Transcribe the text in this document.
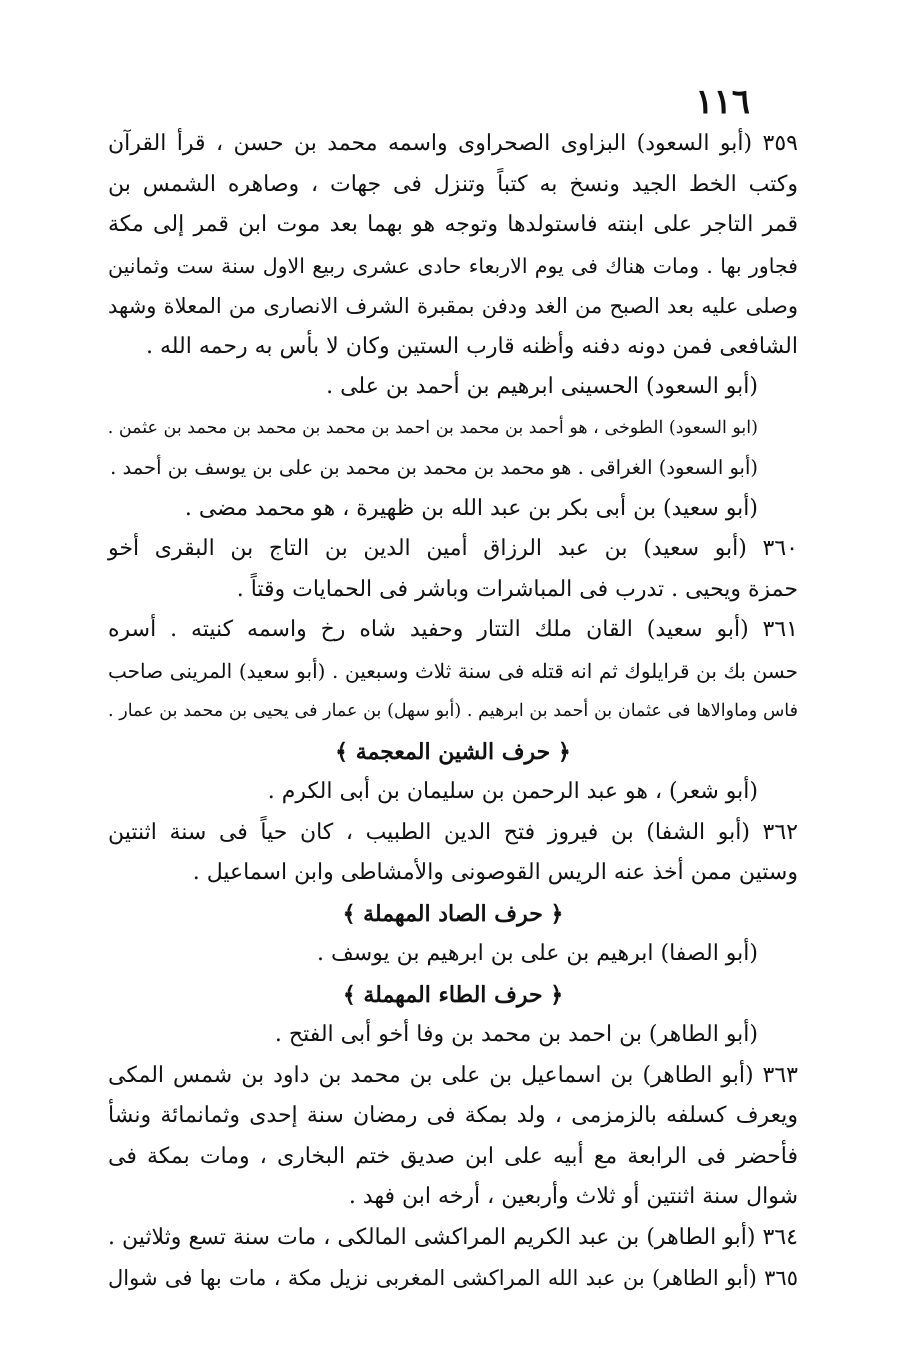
١١٦
٣٥٩ (أبو السعود) البزاوى الصحراوى واسمه محمد بن حسن ، قرأ القرآن
وكتب الخط الجيد ونسخ به كتباً وتنزل فى جهات ، وصاهره الشمس بن
قمر التاجر على ابنته فاستولدها وتوجه هو بهما بعد موت ابن قمر إلى مكة
فجاور بها . ومات هناك فى يوم الاربعاء حادى عشرى ربيع الاول سنة ست وثمانين
وصلى عليه بعد الصبح من الغد ودفن بمقبرة الشرف الانصارى من المعلاة وشهد
الشافعى فمن دونه دفنه وأظنه قارب الستين وكان لا بأس به رحمه الله .
(أبو السعود) الحسينى ابرهيم بن أحمد بن على .
(ابو السعود) الطوخى ، هو أحمد بن محمد بن احمد بن محمد بن محمد بن محمد بن عثمن .
(أبو السعود) الغراقى . هو محمد بن محمد بن محمد بن على بن يوسف بن أحمد .
(أبو سعيد) بن أبى بكر بن عبد الله بن ظهيرة ، هو محمد مضى .
٣٦٠ (أبو سعيد) بن عبد الرزاق أمين الدين بن التاج بن البقرى أخو
حمزة ويحيى . تدرب فى المباشرات وباشر فى الحمايات وقتاً .
٣٦١ (أبو سعيد) القان ملك التتار وحفيد شاه رخ واسمه كنيته . أسره
حسن بك بن قرايلوك ثم انه قتله فى سنة ثلاث وسبعين . (أبو سعيد) المرينى صاحب
فاس وماوالاها فى عثمان بن أحمد بن ابرهيم . (أبو سهل) بن عمار فى يحيى بن محمد بن عمار .
﴿ حرف الشين المعجمة ﴾
(أبو شعر) ، هو عبد الرحمن بن سليمان بن أبى الكرم .
٣٦٢ (أبو الشفا) بن فيروز فتح الدين الطبيب ، كان حياً فى سنة اثنتين
وستين ممن أخذ عنه الريس القوصونى والأمشاطى وابن اسماعيل .
﴿ حرف الصاد المهملة ﴾
(أبو الصفا) ابرهيم بن على بن ابرهيم بن يوسف .
﴿ حرف الطاء المهملة ﴾
(أبو الطاهر) بن احمد بن محمد بن وفا أخو أبى الفتح .
٣٦٣ (أبو الطاهر) بن اسماعيل بن على بن محمد بن داود بن شمس المكى
ويعرف كسلفه بالزمزمى ، ولد بمكة فى رمضان سنة إحدى وثمانمائة ونشأ
فأحضر فى الرابعة مع أبيه على ابن صديق ختم البخارى ، ومات بمكة فى
شوال سنة اثنتين أو ثلاث وأربعين ، أرخه ابن فهد .
٣٦٤ (أبو الطاهر) بن عبد الكريم المراكشى المالكى ، مات سنة تسع وثلاثين .
٣٦٥ (أبو الطاهر) بن عبد الله المراكشى المغربى نزيل مكة ، مات بها فى شوال
